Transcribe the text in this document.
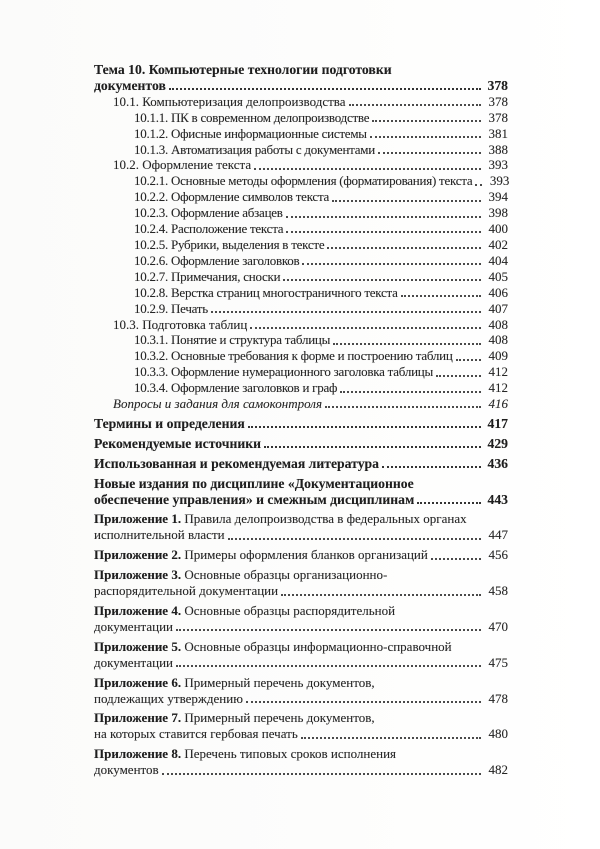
Тема 10. Компьютерные технологии подготовки
документов	378
10.1. Компьютеризация делопроизводства	378
10.1.1. ПК в современном делопроизводстве	378
10.1.2. Офисные информационные системы	381
10.1.3. Автоматизация работы с документами	388
10.2. Оформление текста	393
10.2.1. Основные методы оформления (форматирования) текста	393
10.2.2. Оформление символов текста	394
10.2.3. Оформление абзацев	398
10.2.4. Расположение текста	400
10.2.5. Рубрики, выделения в тексте	402
10.2.6. Оформление заголовков	404
10.2.7. Примечания, сноски	405
10.2.8. Верстка страниц многостраничного текста	406
10.2.9. Печать	407
10.3. Подготовка таблиц	408
10.3.1. Понятие и структура таблицы	408
10.3.2. Основные требования к форме и построению таблиц	409
10.3.3. Оформление нумерационного заголовка таблицы	412
10.3.4. Оформление заголовков и граф	412
Вопросы и задания для самоконтроля	416
Термины и определения	417
Рекомендуемые источники	429
Использованная и рекомендуемая литература	436
Новые издания по дисциплине «Документационное
обеспечение управления» и смежным дисциплинам	443
Приложение 1. Правила делопроизводства в федеральных органах
исполнительной власти	447
Приложение 2. Примеры оформления бланков организаций	456
Приложение 3. Основные образцы организационно-
распорядительной документации	458
Приложение 4. Основные образцы распорядительной
документации	470
Приложение 5. Основные образцы информационно-справочной
документации	475
Приложение 6. Примерный перечень документов,
подлежащих утверждению	478
Приложение 7. Примерный перечень документов,
на которых ставится гербовая печать	480
Приложение 8. Перечень типовых сроков исполнения
документов	482
